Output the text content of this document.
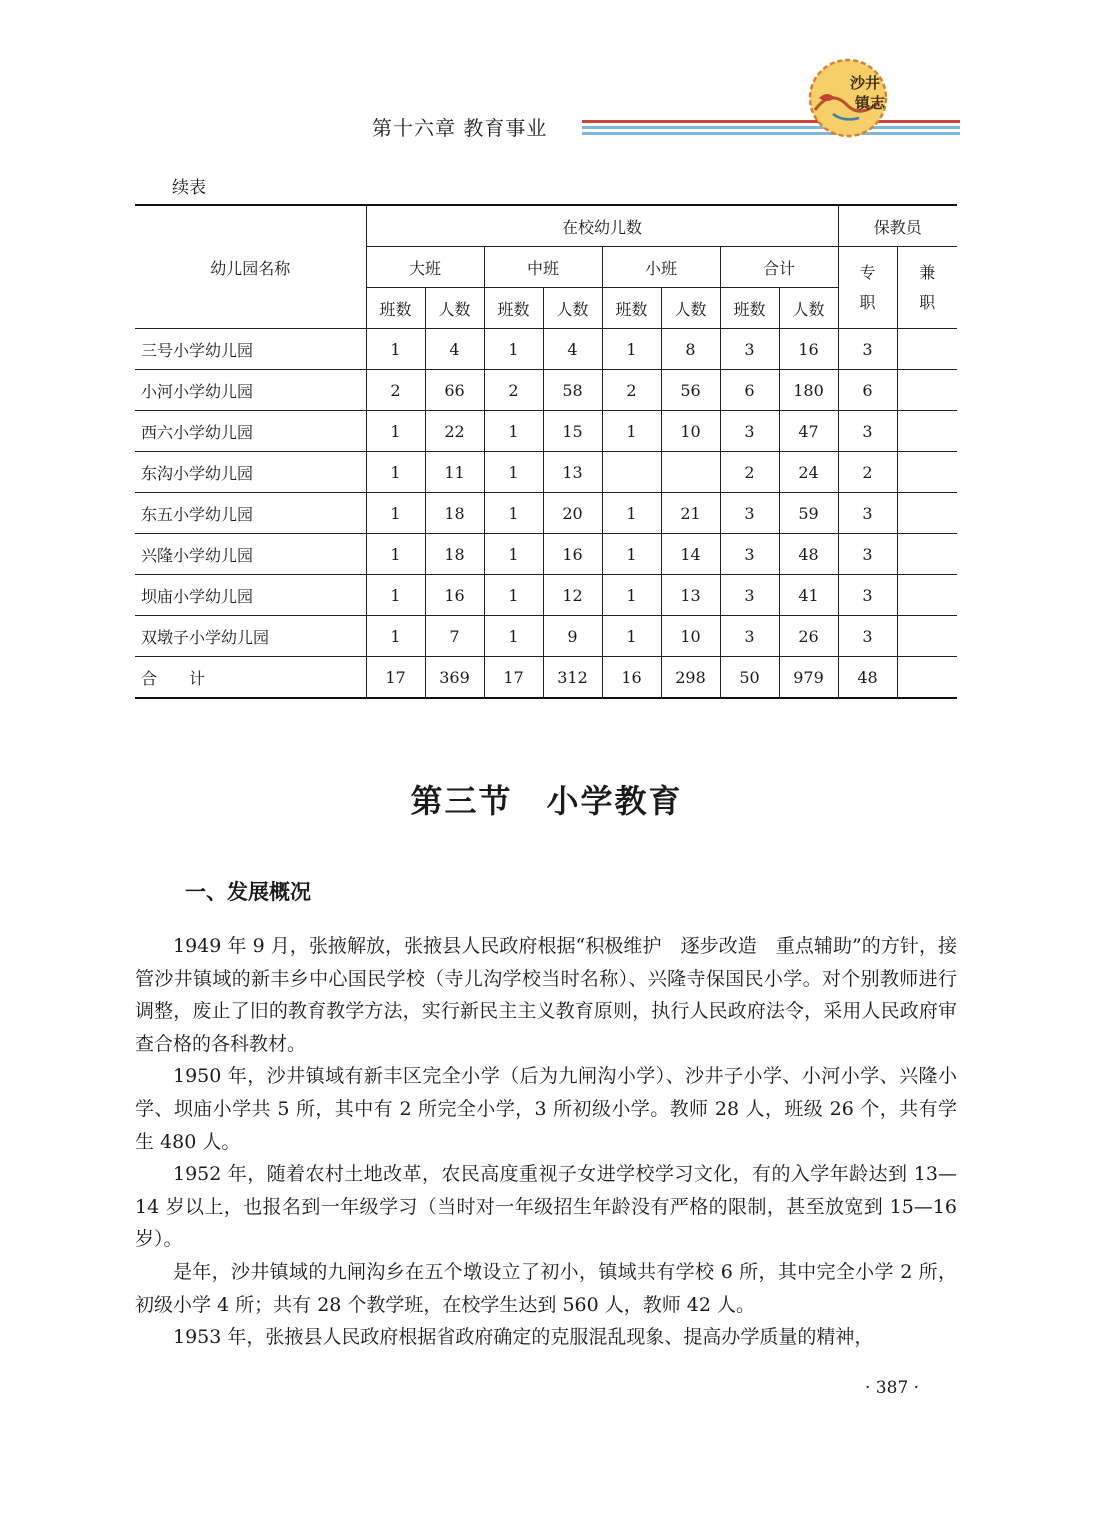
第十六章 教育事业
沙井
镇志
续表
幼儿园名称	在校幼儿数								保教员	
	大班		中班		小班		合计		专职	兼职
	班数	人数	班数	人数	班数	人数	班数	人数		
三号小学幼儿园	1	4	1	4	1	8	3	16	3	
小河小学幼儿园	2	66	2	58	2	56	6	180	6	
西六小学幼儿园	1	22	1	15	1	10	3	47	3	
东沟小学幼儿园	1	11	1	13			2	24	2	
东五小学幼儿园	1	18	1	20	1	21	3	59	3	
兴隆小学幼儿园	1	18	1	16	1	14	3	48	3	
坝庙小学幼儿园	1	16	1	12	1	13	3	41	3	
双墩子小学幼儿园	1	7	1	9	1	10	3	26	3	
合　　计	17	369	17	312	16	298	50	979	48	
第三节　小学教育
一、发展概况

1949 年 9 月，张掖解放，张掖县人民政府根据“积极维护　逐步改造　重点辅助”的方针，接管沙井镇域的新丰乡中心国民学校（寺儿沟学校当时名称）、兴隆寺保国民小学。对个别教师进行调整，废止了旧的教育教学方法，实行新民主主义教育原则，执行人民政府法令，采用人民政府审查合格的各科教材。

1950 年，沙井镇域有新丰区完全小学（后为九闸沟小学）、沙井子小学、小河小学、兴隆小学、坝庙小学共 5 所，其中有 2 所完全小学，3 所初级小学。教师 28 人，班级 26 个，共有学生 480 人。

1952 年，随着农村土地改革，农民高度重视子女进学校学习文化，有的入学年龄达到 13—14 岁以上，也报名到一年级学习（当时对一年级招生年龄没有严格的限制，甚至放宽到 15—16 岁）。

是年，沙井镇域的九闸沟乡在五个墩设立了初小，镇域共有学校 6 所，其中完全小学 2 所，初级小学 4 所；共有 28 个教学班，在校学生达到 560 人，教师 42 人。

1953 年，张掖县人民政府根据省政府确定的克服混乱现象、提高办学质量的精神，

· 387 ·
